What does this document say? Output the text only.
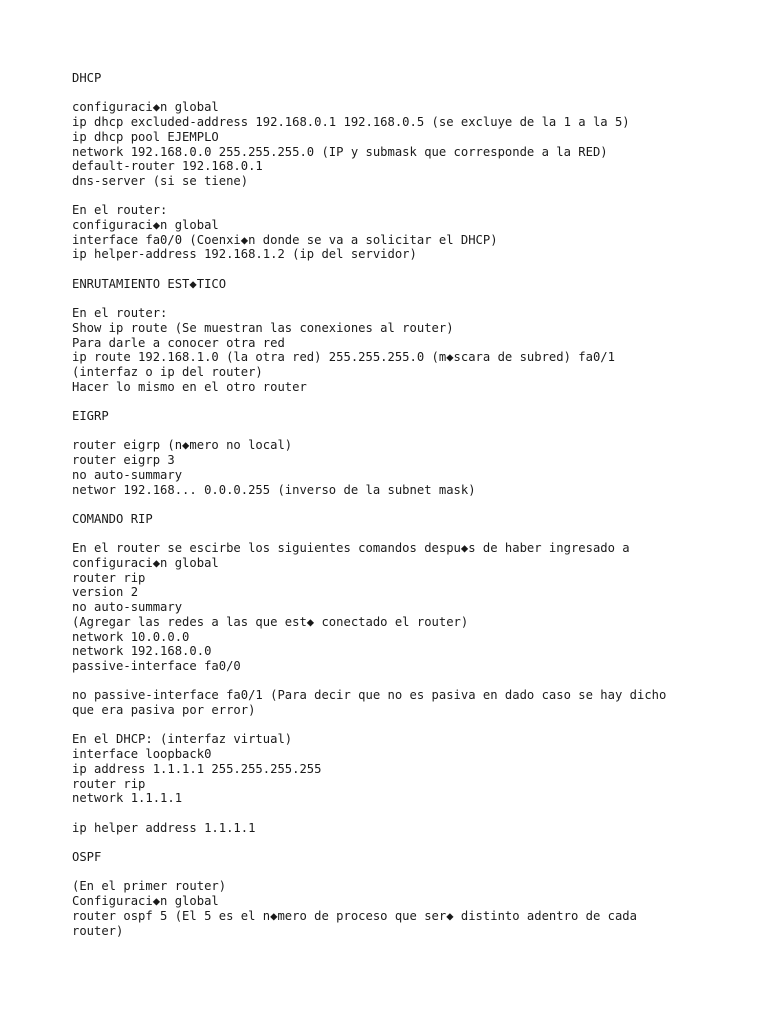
DHCP
configuraci◆n global
ip dhcp excluded-address 192.168.0.1 192.168.0.5 (se excluye de la 1 a la 5)
ip dhcp pool EJEMPLO
network 192.168.0.0 255.255.255.0 (IP y submask que corresponde a la RED)
default-router 192.168.0.1
dns-server (si se tiene)
En el router:
configuraci◆n global
interface fa0/0 (Coenxi◆n donde se va a solicitar el DHCP)
ip helper-address 192.168.1.2 (ip del servidor)
ENRUTAMIENTO EST◆TICO
En el router:
Show ip route (Se muestran las conexiones al router)
Para darle a conocer otra red
ip route 192.168.1.0 (la otra red) 255.255.255.0 (m◆scara de subred) fa0/1
(interfaz o ip del router)
Hacer lo mismo en el otro router
EIGRP
router eigrp (n◆mero no local)
router eigrp 3
no auto-summary
networ 192.168... 0.0.0.255 (inverso de la subnet mask)
COMANDO RIP
En el router se escirbe los siguientes comandos despu◆s de haber ingresado a
configuraci◆n global
router rip
version 2
no auto-summary
(Agregar las redes a las que est◆ conectado el router)
network 10.0.0.0
network 192.168.0.0
passive-interface fa0/0
no passive-interface fa0/1 (Para decir que no es pasiva en dado caso se hay dicho
que era pasiva por error)
En el DHCP: (interfaz virtual)
interface loopback0
ip address 1.1.1.1 255.255.255.255
router rip
network 1.1.1.1
ip helper address 1.1.1.1
OSPF
(En el primer router)
Configuraci◆n global
router ospf 5 (El 5 es el n◆mero de proceso que ser◆ distinto adentro de cada
router)
